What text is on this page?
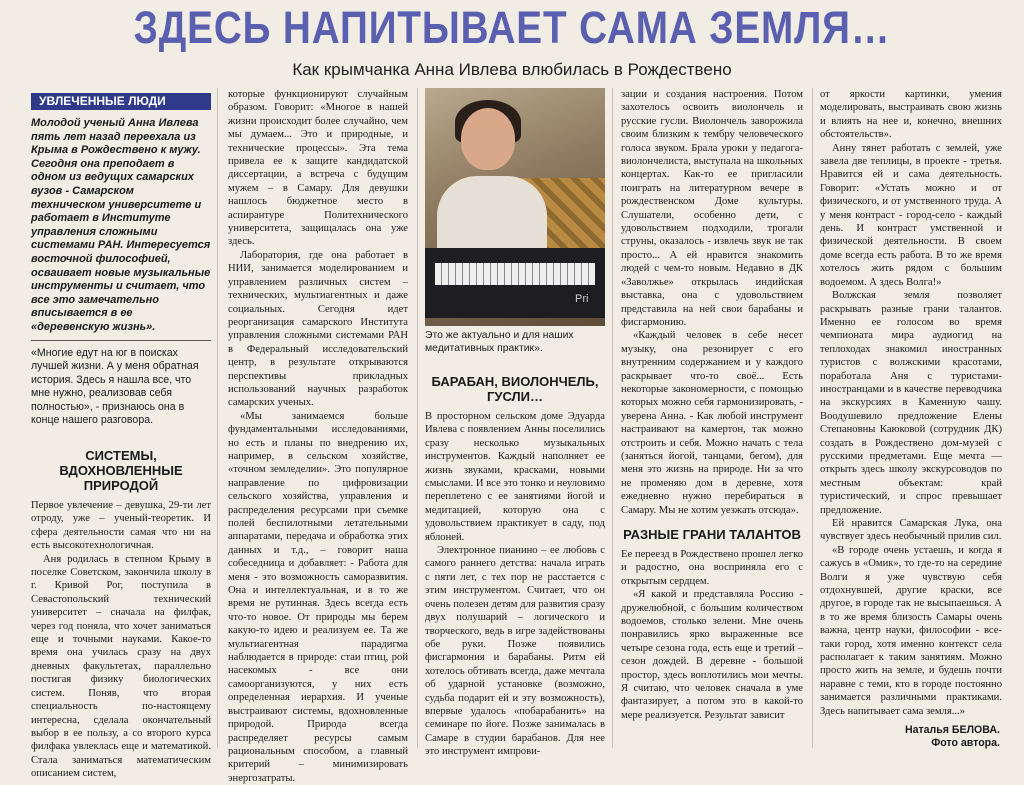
ЗДЕСЬ НАПИТЫВАЕТ САМА ЗЕМЛЯ…
Как крымчанка Анна Ивлева влюбилась в Рождествено
УВЛЕЧЕННЫЕ ЛЮДИ
Молодой ученый Анна Ивлева пять лет назад переехала из Крыма в Рождествено к мужу. Сегодня она преподает в одном из ведущих самарских вузов - Самарском техническом университете и работает в Институте управления сложными системами РАН. Интересуется восточной философией, осваивает новые музыкальные инструменты и считает, что все это замечательно вписывается в ее «деревенскую жизнь».
«Многие едут на юг в поисках лучшей жизни. А у меня обратная история. Здесь я нашла все, что мне нужно, реализовав себя полностью», - признаюсь она в конце нашего разговора.
СИСТЕМЫ, ВДОХНОВЛЕННЫЕ ПРИРОДОЙ

Первое увлечение – девушка, 29-ти лет отроду, уже – ученый-теоретик. И сфера деятельности самая что ни на есть высокотехнологичная.

Аня родилась в степном Крыму в поселке Советском, закончила школу в г. Кривой Рог, поступила в Севастопольский технический университет – сначала на филфак, через год поняла, что хочет заниматься еще и точными науками. Какое-то время она училась сразу на двух дневных факультетах, параллельно постигая физику биологических систем. Поняв, что вторая специальность по-настоящему интересна, сделала окончательный выбор в ее пользу, а со второго курса филфака увлеклась еще и математикой. Стала заниматься математическим описанием систем,

которые функционируют случайным образом. Говорит: «Многое в нашей жизни происходит более случайно, чем мы думаем... Это и природные, и технические процессы». Эта тема привела ее к защите кандидатской диссертации, а встреча с будущим мужем – в Самару. Для девушки нашлось бюджетное место в аспирантуре Политехнического университета, защищалась она уже здесь.

Лаборатория, где она работает в НИИ, занимается моделированием и управлением различных систем – технических, мультиагентных и даже социальных. Сегодня идет реорганизация самарского Института управления сложными системами РАН в Федеральный исследовательский центр, в результате открываются перспективы прикладных использований научных разработок самарских ученых.

«Мы занимаемся больше фундаментальными исследованиями, но есть и планы по внедрению их, например, в сельском хозяйстве, «точном земледелии». Это популярное направление по цифровизации сельского хозяйства, управления и распределения ресурсами при съемке полей беспилотными летательными аппаратами, передача и обработка этих данных и т.д., – говорит наша собеседница и добавляет: - Работа для меня - это возможность саморазвития. Она и интеллектуальная, и в то же время не рутинная. Здесь всегда есть что-то новое. От природы мы берем какую-то идею и реализуем ее. Та же мультиагентная парадигма наблюдается в природе: стаи птиц, рой насекомых - все они самоорганизуются, у них есть определенная иерархия. И ученые выстраивают системы, вдохновленные природой. Природа всегда распределяет ресурсы самым рациональным способом, а главный критерий – минимизировать энергозатраты.

Pri
Это же актуально и для наших медитативных практик».
БАРАБАН, ВИОЛОНЧЕЛЬ, ГУСЛИ…

В просторном сельском доме Эдуарда Ивлева с появлением Анны поселились сразу несколько музыкальных инструментов. Каждый наполняет ее жизнь звуками, красками, новыми смыслами. И все это тонко и неуловимо переплетено с ее занятиями йогой и медитацией, которую она с удовольствием практикует в саду, под яблоней.

Электронное пианино – ее любовь с самого раннего детства: начала играть с пяти лет, с тех пор не расстается с этим инструментом. Считает, что он очень полезен детям для развития сразу двух полушарий – логического и творческого, ведь в игре задействованы обе руки. Позже появились фисгармония и барабаны. Ритм ей хотелось обтивать всегда, даже мечтала об ударной установке (возможно, судьба подарит ей и эту возможность), впервые удалось «побарабанить» на семинаре по йоге. Позже занималась в Самаре в студии барабанов. Для нее это инструмент импрови-

зации и создания настроения. Потом захотелось освоить виолончель и русские гусли. Виолончель заворожила своим близким к тембру человеческого голоса звуком. Брала уроки у педагога-виолончелиста, выступала на школьных концертах. Как-то ее пригласили поиграть на литературном вечере в рождественском Доме культуры. Слушатели, особенно дети, с удовольствием подходили, трогали струны, оказалось - извлечь звук не так просто... А ей нравится знакомить людей с чем-то новым. Недавно в ДК «Заволжье» открылась индийская выставка, она с удовольствием представила на ней свои барабаны и фисгармонию.

«Каждый человек в себе несет музыку, она резонирует с его внутренним содержанием и у каждого раскрывает что-то своё... Есть некоторые закономерности, с помощью которых можно себя гармонизировать, - уверена Анна. - Как любой инструмент настраивают на камертон, так можно отстроить и себя. Можно начать с тела (заняться йогой, танцами, бегом), для меня это жизнь на природе. Ни за что не променяю дом в деревне, хотя ежедневно нужно перебираться в Самару. Мы не хотим уезжать отсюда».

РАЗНЫЕ ГРАНИ ТАЛАНТОВ

Ее переезд в Рождествено прошел легко и радостно, она восприняла его с открытым сердцем.

«Я какой и представляла Россию - дружелюбной, с большим количеством водоемов, столько зелени. Мне очень понравились ярко выраженные все четыре сезона года, есть еще и третий – сезон дождей. В деревне - большой простор, здесь воплотились мои мечты. Я считаю, что человек сначала в уме фантазирует, а потом это в какой-то мере реализуется. Результат зависит

от яркости картинки, умения моделировать, выстраивать свою жизнь и влиять на нее и, конечно, внешних обстоятельств».

Анну тянет работать с землей, уже завела две теплицы, в проекте - третья. Нравится ей и сама деятельность. Говорит: «Устать можно и от физического, и от умственного труда. А у меня контраст - город-село - каждый день. И контраст умственной и физической деятельности. В своем доме всегда есть работа. В то же время хотелось жить рядом с большим водоемом. А здесь Волга!»

Волжская земля позволяет раскрывать разные грани талантов. Именно ее голосом во время чемпионата мира аудиогид на теплоходах знакомил иностранных туристов с волжскими красотами, поработала Аня с туристами-иностранцами и в качестве переводчика на экскурсиях в Каменную чашу. Воодушевило предложение Елены Степановны Каюковой (сотрудник ДК) создать в Рождествено дом-музей с русскими предметами. Еще мечта — открыть здесь школу экскурсоводов по местным объектам: край туристический, и спрос превышает предложение.

Ей нравится Самарская Лука, она чувствует здесь необычный прилив сил.

«В городе очень устаешь, и когда я сажусь в «Омик», то где-то на середине Волги я уже чувствую себя отдохнувшей, другие краски, все другое, в городе так не высыпаешься. А в то же время близость Самары очень важна, центр науки, философии - все-таки город, хотя именно контекст села располагает к таким занятиям. Можно просто жить на земле, и будешь почти наравне с теми, кто в городе постоянно занимается различными практиками. Здесь напитывает сама земля...»

Наталья БЕЛОВА.
Фото автора.
